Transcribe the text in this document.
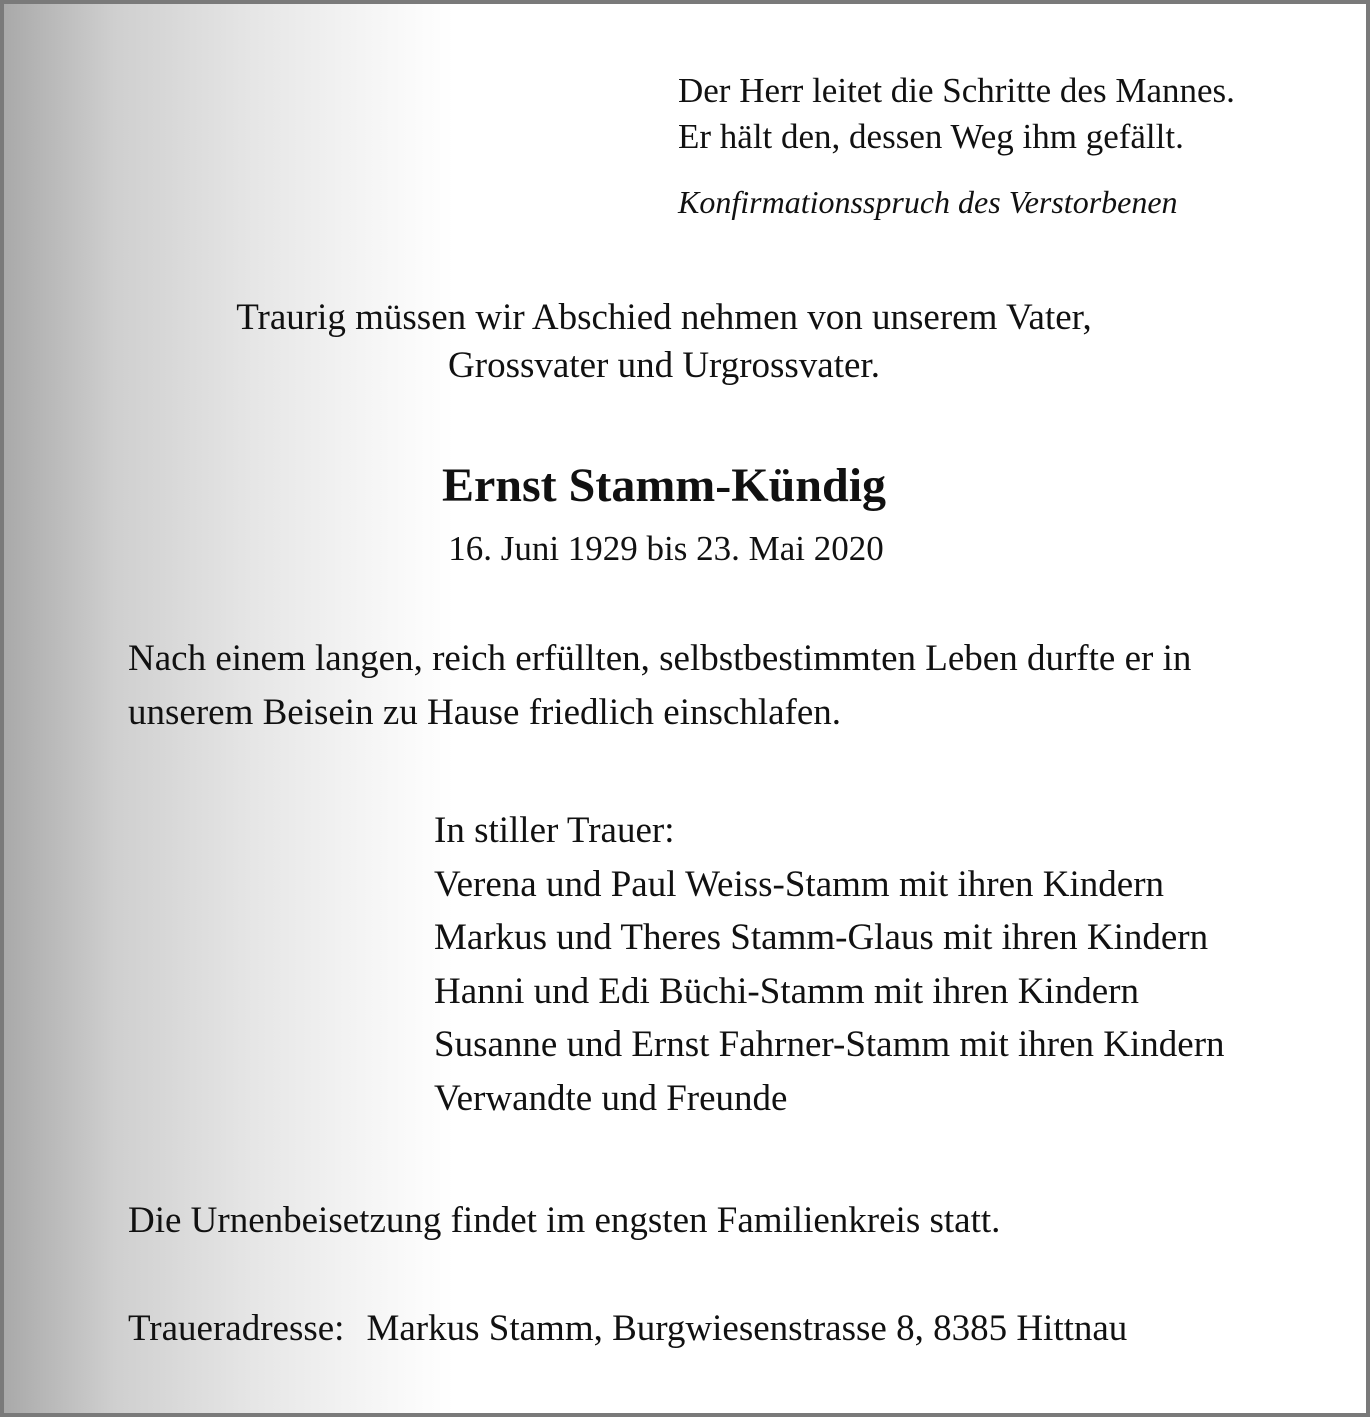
Der Herr leitet die Schritte des Mannes.
Er hält den, dessen Weg ihm gefällt.
Konfirmationsspruch des Verstorbenen
Traurig müssen wir Abschied nehmen von unserem Vater,
Grossvater und Urgrossvater.
Ernst Stamm-Kündig
16. Juni 1929 bis 23. Mai 2020

Nach einem langen, reich erfüllten, selbstbestimmten Leben durfte er in unserem Beisein zu Hause friedlich einschlafen.

In stiller Trauer:
Verena und Paul Weiss-Stamm mit ihren Kindern
Markus und Theres Stamm-Glaus mit ihren Kindern
Hanni und Edi Büchi-Stamm mit ihren Kindern
Susanne und Ernst Fahrner-Stamm mit ihren Kindern
Verwandte und Freunde
Die Urnenbeisetzung findet im engsten Familienkreis statt.
Traueradresse: Markus Stamm, Burgwiesenstrasse 8, 8385 Hittnau
